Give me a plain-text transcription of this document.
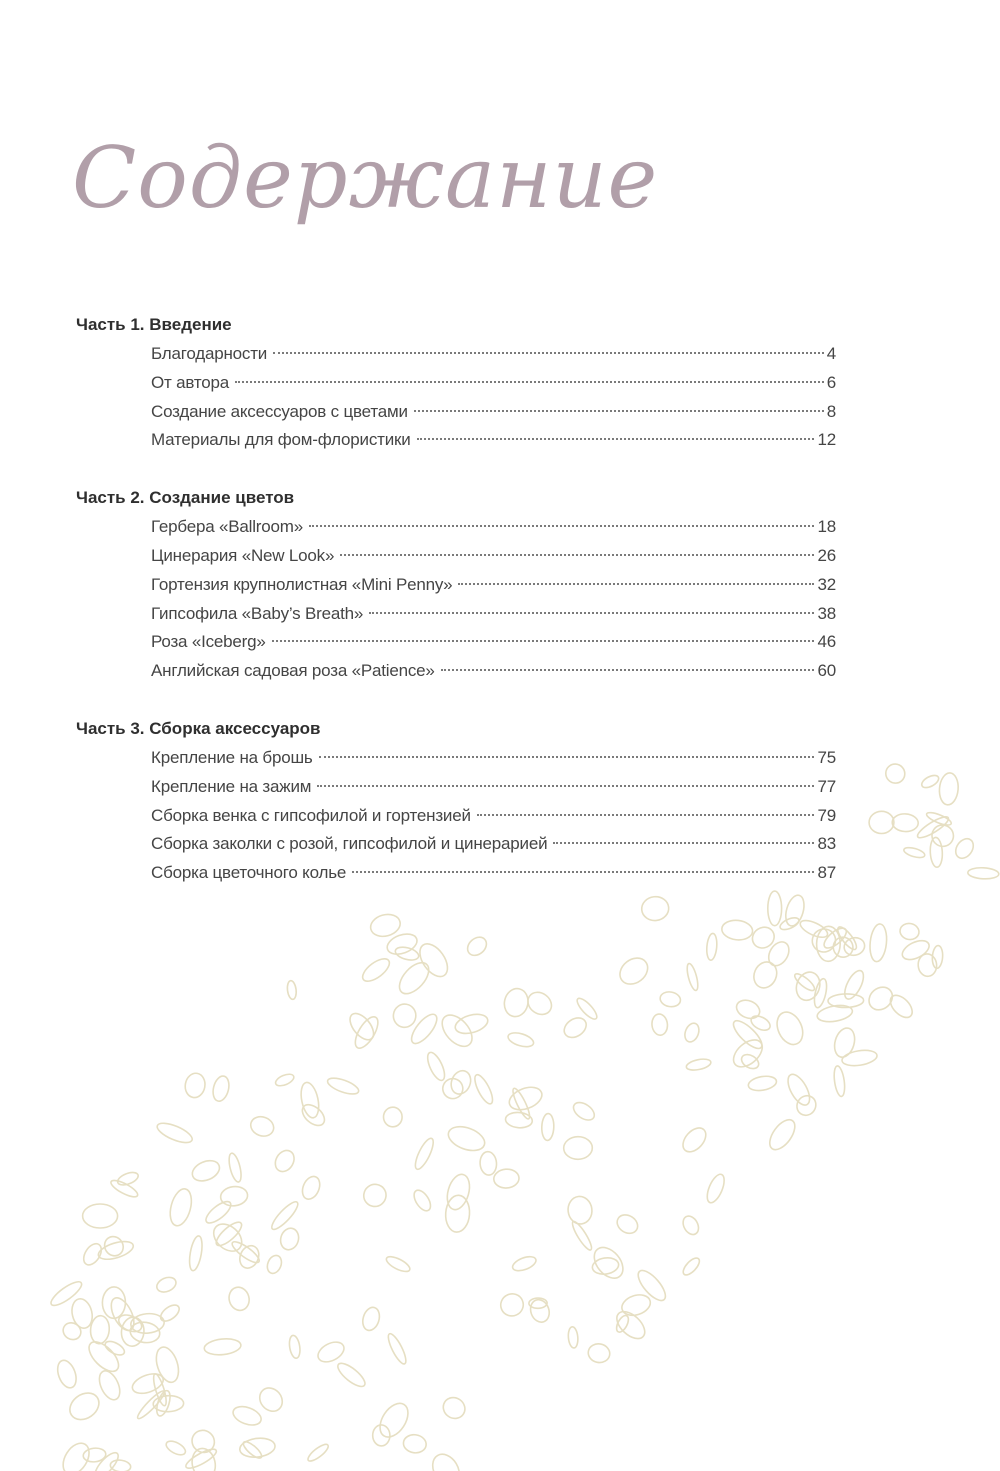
Содержание
Часть 1. Введение
Благодарности	4
От автора	6
Создание аксессуаров с цветами	8
Материалы для фом-флористики	12
Часть 2. Создание цветов
Гербера «Ballroom»	18
Цинерария «New Look»	26
Гортензия крупнолистная «Mini Penny»	32
Гипсофила «Baby’s Breath»	38
Роза «Iceberg»	46
Английская садовая роза «Patience»	60
Часть 3. Сборка аксессуаров
Крепление на брошь	75
Крепление на зажим	77
Сборка венка с гипсофилой и гортензией	79
Сборка заколки с розой, гипсофилой и цинерарией	83
Сборка цветочного колье	87
